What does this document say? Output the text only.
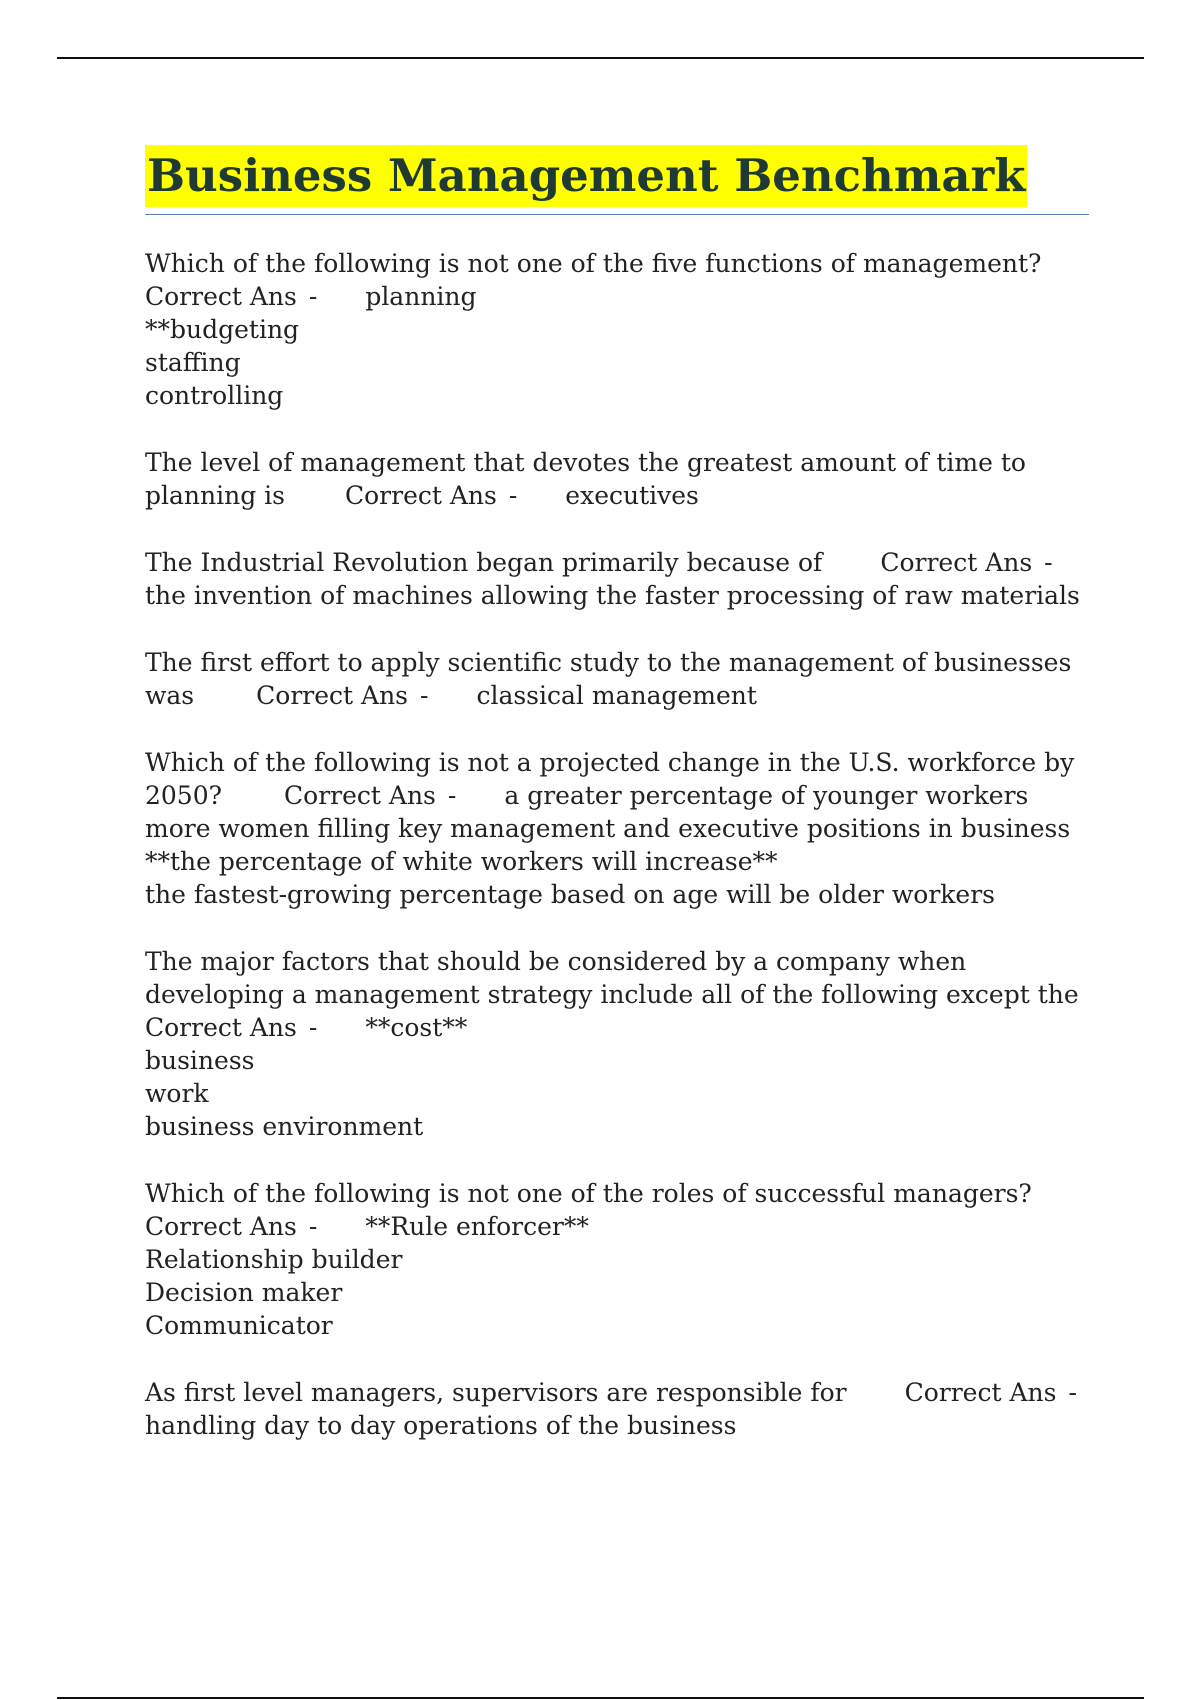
Business Management Benchmark
Which of the following is not one of the five functions of management?
Correct Ans - planning
**budgeting
staffing
controlling
The level of management that devotes the greatest amount of time to
planning is Correct Ans - executives
The Industrial Revolution began primarily because of Correct Ans -
the invention of machines allowing the faster processing of raw materials
The first effort to apply scientific study to the management of businesses
was Correct Ans - classical management
Which of the following is not a projected change in the U.S. workforce by
2050? Correct Ans - a greater percentage of younger workers
more women filling key management and executive positions in business
**the percentage of white workers will increase**
the fastest-growing percentage based on age will be older workers
The major factors that should be considered by a company when
developing a management strategy include all of the following except the
Correct Ans - **cost**
business
work
business environment
Which of the following is not one of the roles of successful managers?
Correct Ans - **Rule enforcer**
Relationship builder
Decision maker
Communicator
As first level managers, supervisors are responsible for Correct Ans -
handling day to day operations of the business
